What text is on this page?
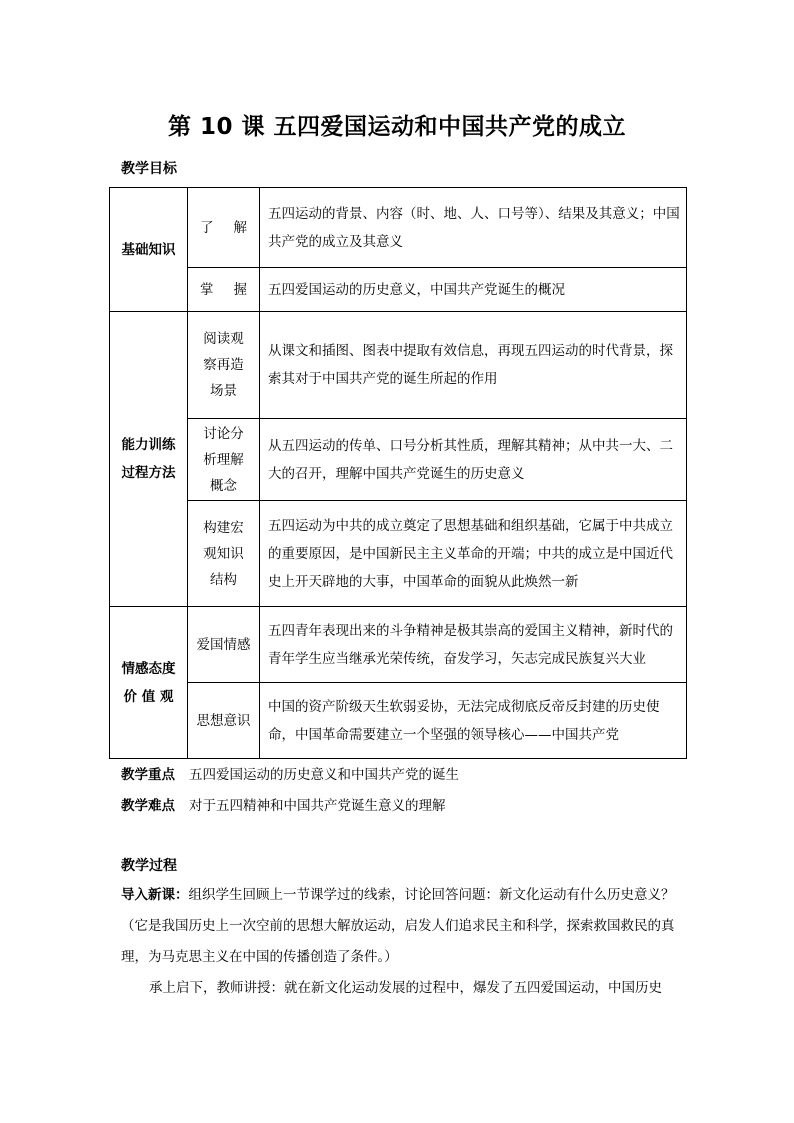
第 10 课 五四爱国运动和中国共产党的成立
教学目标
基础知识	了 解	五四运动的背景、内容（时、地、人、口号等）、结果及其意义；中国共产党的成立及其意义

	掌 握	五四爱国运动的历史意义，中国共产党诞生的概况

能力训练
过程方法	阅读观察再造场景	从课文和插图、图表中提取有效信息，再现五四运动的时代背景，探索其对于中国共产党的诞生所起的作用
	讨论分析理解概念	从五四运动的传单、口号分析其性质，理解其精神；从中共一大、二大的召开，理解中国共产党诞生的历史意义
	构建宏观知识结构	五四运动为中共的成立奠定了思想基础和组织基础，它属于中共成立的重要原因，是中国新民主主义革命的开端；中共的成立是中国近代史上开天辟地的大事，中国革命的面貌从此焕然一新

情感态度
价 值 观	爱国情感	五四青年表现出来的斗争精神是极其崇高的爱国主义精神，新时代的青年学生应当继承光荣传统，奋发学习，矢志完成民族复兴大业
	思想意识	中国的资产阶级天生软弱妥协，无法完成彻底反帝反封建的历史使命，中国革命需要建立一个坚强的领导核心——中国共产党
教学重点 五四爱国运动的历史意义和中国共产党的诞生
教学难点 对于五四精神和中国共产党诞生意义的理解
教学过程
导入新课：组织学生回顾上一节课学过的线索，讨论回答问题：新文化运动有什么历史意义？（它是我国历史上一次空前的思想大解放运动，启发人们追求民主和科学，探索救国救民的真理，为马克思主义在中国的传播创造了条件。）
承上启下，教师讲授：就在新文化运动发展的过程中，爆发了五四爱国运动，中国历史
